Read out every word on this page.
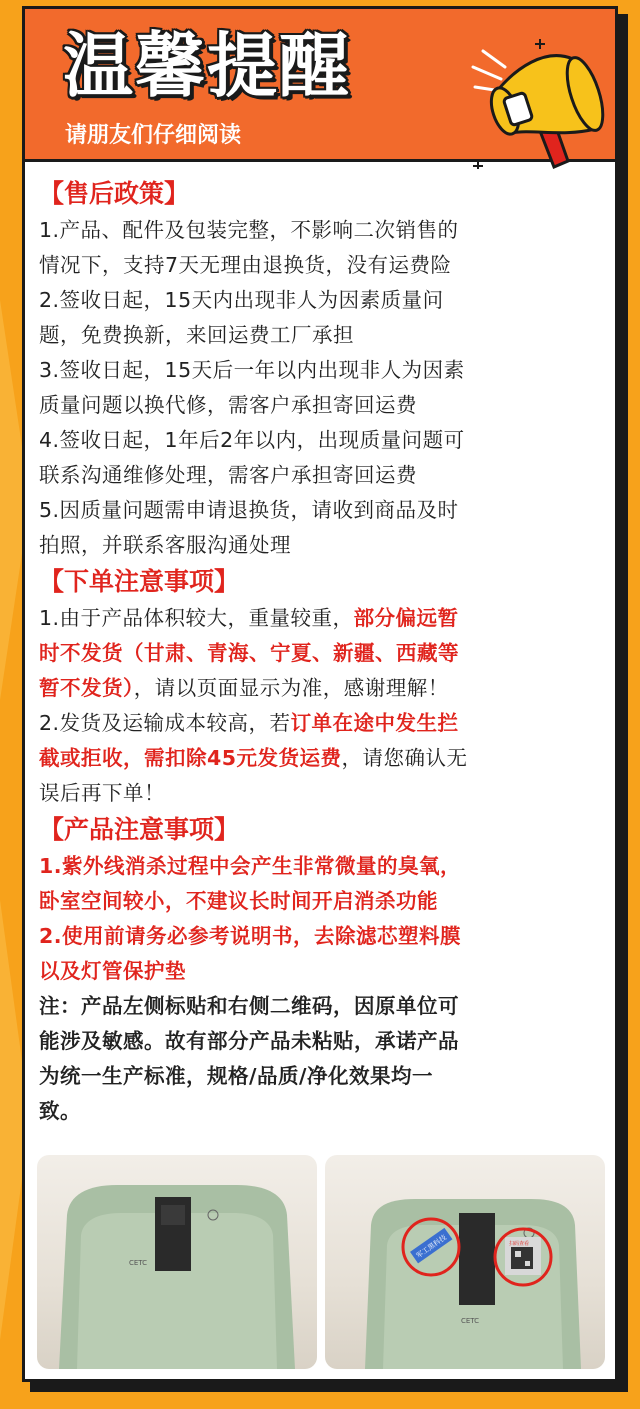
温馨提醒
请朋友们仔细阅读
【售后政策】
1.产品、配件及包装完整，不影响二次销售的
情况下，支持7天无理由退换货，没有运费险
2.签收日起，15天内出现非人为因素质量问
题，免费换新，来回运费工厂承担
3.签收日起，15天后一年以内出现非人为因素
质量问题以换代修，需客户承担寄回运费
4.签收日起，1年后2年以内，出现质量问题可
联系沟通维修处理，需客户承担寄回运费
5.因质量问题需申请退换货，请收到商品及时
拍照，并联系客服沟通处理
【下单注意事项】
1.由于产品体积较大，重量较重，部分偏远暂
时不发货（甘肃、青海、宁夏、新疆、西藏等
暂不发货），请以页面显示为准，感谢理解！
2.发货及运输成本较高，若订单在途中发生拦
截或拒收，需扣除45元发货运费，请您确认无
误后再下单！
【产品注意事项】
1.紫外线消杀过程中会产生非常微量的臭氧，
卧室空间较小，不建议长时间开启消杀功能
2.使用前请务必参考说明书，去除滤芯塑料膜
以及灯管保护垫
注：产品左侧标贴和右侧二维码，因原单位可
能涉及敏感。故有部分产品未粘贴，承诺产品
为统一生产标准，规格/品质/净化效果均一
致。
CETC
军工黑科技	扫码查看
CETC
